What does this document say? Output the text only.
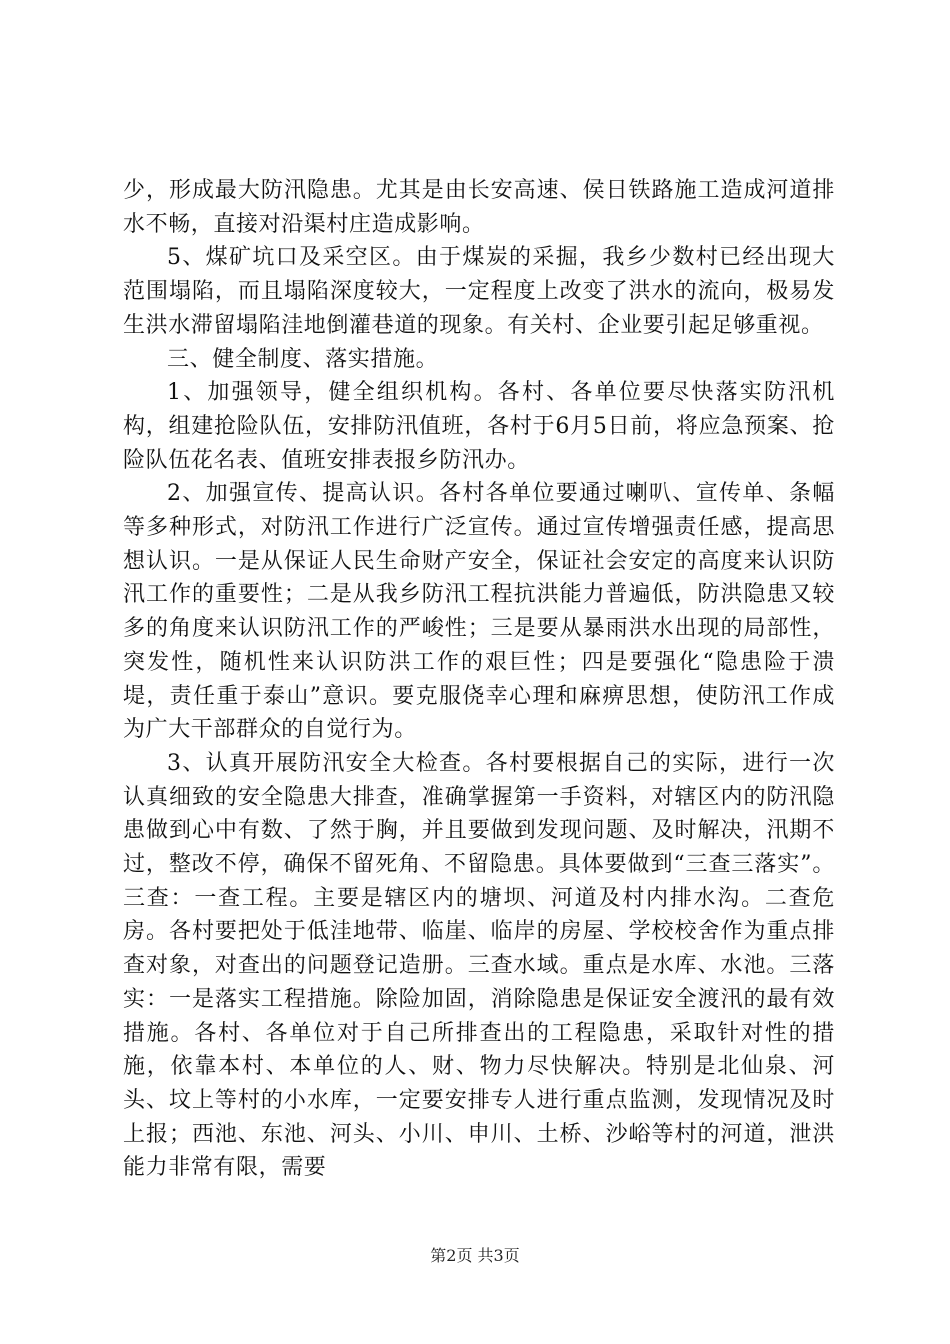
少，形成最大防汛隐患。尤其是由长安高速、侯日铁路施工造成河道排水不畅，直接对沿渠村庄造成影响。

5、煤矿坑口及采空区。由于煤炭的采掘，我乡少数村已经出现大范围塌陷，而且塌陷深度较大，一定程度上改变了洪水的流向，极易发生洪水滞留塌陷洼地倒灌巷道的现象。有关村、企业要引起足够重视。

三、健全制度、落实措施。

1、加强领导，健全组织机构。各村、各单位要尽快落实防汛机构，组建抢险队伍，安排防汛值班，各村于6月5日前，将应急预案、抢险队伍花名表、值班安排表报乡防汛办。

2、加强宣传、提高认识。各村各单位要通过喇叭、宣传单、条幅等多种形式，对防汛工作进行广泛宣传。通过宣传增强责任感，提高思想认识。一是从保证人民生命财产安全，保证社会安定的高度来认识防汛工作的重要性；二是从我乡防汛工程抗洪能力普遍低，防洪隐患又较多的角度来认识防汛工作的严峻性；三是要从暴雨洪水出现的局部性，突发性，随机性来认识防洪工作的艰巨性；四是要强化“隐患险于溃堤，责任重于泰山”意识。要克服侥幸心理和麻痹思想，使防汛工作成为广大干部群众的自觉行为。

3、认真开展防汛安全大检查。各村要根据自己的实际，进行一次认真细致的安全隐患大排查，准确掌握第一手资料，对辖区内的防汛隐患做到心中有数、了然于胸，并且要做到发现问题、及时解决，汛期不过，整改不停，确保不留死角、不留隐患。具体要做到“三查三落实”。三查：一查工程。主要是辖区内的塘坝、河道及村内排水沟。二查危房。各村要把处于低洼地带、临崖、临岸的房屋、学校校舍作为重点排查对象，对查出的问题登记造册。三查水域。重点是水库、水池。三落实：一是落实工程措施。除险加固，消除隐患是保证安全渡汛的最有效措施。各村、各单位对于自己所排查出的工程隐患，采取针对性的措施，依靠本村、本单位的人、财、物力尽快解决。特别是北仙泉、河头、坟上等村的小水库，一定要安排专人进行重点监测，发现情况及时上报；西池、东池、河头、小川、申川、土桥、沙峪等村的河道，泄洪能力非常有限，需要

第2页 共3页
